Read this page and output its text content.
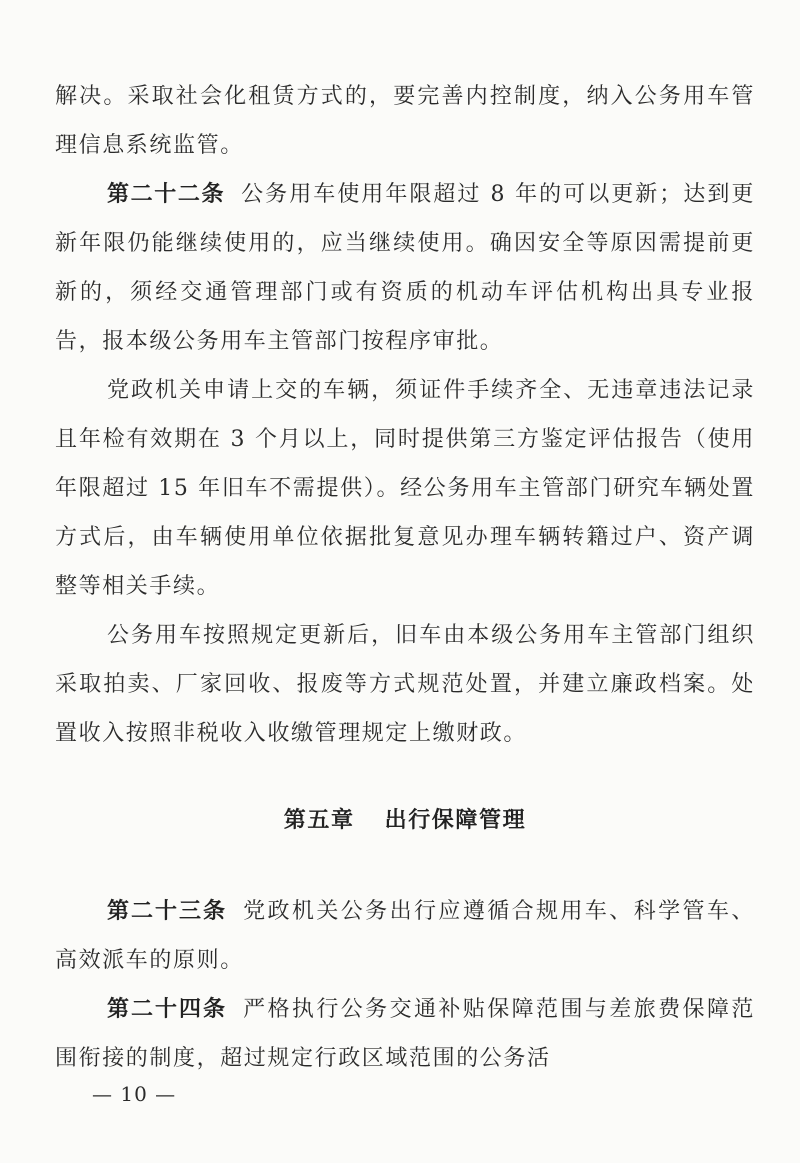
解决。采取社会化租赁方式的，要完善内控制度，纳入公务用车管理信息系统监管。

第二十二条 公务用车使用年限超过 8 年的可以更新；达到更新年限仍能继续使用的，应当继续使用。确因安全等原因需提前更新的，须经交通管理部门或有资质的机动车评估机构出具专业报告，报本级公务用车主管部门按程序审批。

党政机关申请上交的车辆，须证件手续齐全、无违章违法记录且年检有效期在 3 个月以上，同时提供第三方鉴定评估报告（使用年限超过 15 年旧车不需提供）。经公务用车主管部门研究车辆处置方式后，由车辆使用单位依据批复意见办理车辆转籍过户、资产调整等相关手续。

公务用车按照规定更新后，旧车由本级公务用车主管部门组织采取拍卖、厂家回收、报废等方式规范处置，并建立廉政档案。处置收入按照非税收入收缴管理规定上缴财政。

第五章 出行保障管理

第二十三条 党政机关公务出行应遵循合规用车、科学管车、高效派车的原则。

第二十四条 严格执行公务交通补贴保障范围与差旅费保障范围衔接的制度，超过规定行政区域范围的公务活

— 10 —
